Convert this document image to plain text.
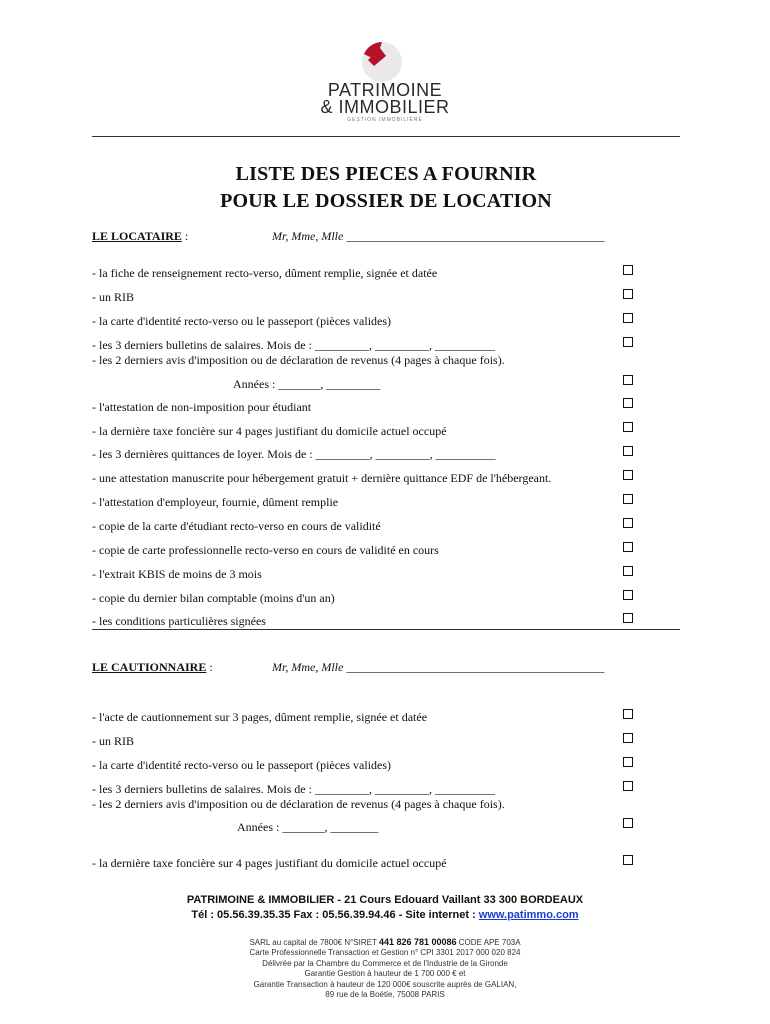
PATRIMOINE
& IMMOBILIER
GESTION IMMOBILIÈRE
LISTE DES PIECES A FOURNIR
POUR LE DOSSIER DE LOCATION
LE LOCATAIRE :	Mr, Mme, Mlle ___________________________________________
- la fiche de renseignement recto-verso, dûment remplie, signée et datée
- un RIB
- la carte d'identité recto-verso ou le passeport (pièces valides)
- les 3 derniers bulletins de salaires. Mois de : _________, _________, __________
- les 2 derniers avis d'imposition ou de déclaration de revenus (4 pages à chaque fois).
Années : _______, _________
- l'attestation de non-imposition pour étudiant
- la dernière taxe foncière sur 4 pages justifiant du domicile actuel occupé
- les 3 dernières quittances de loyer. Mois de : _________, _________, __________
- une attestation manuscrite pour hébergement gratuit + dernière quittance EDF de l'hébergeant.
- l'attestation d'employeur, fournie, dûment remplie
- copie de la carte d'étudiant recto-verso en cours de validité
- copie de carte professionnelle recto-verso en cours de validité en cours
- l'extrait KBIS de moins de 3 mois
- copie du dernier bilan comptable (moins d'un an)
- les conditions particulières signées
LE CAUTIONNAIRE :	Mr, Mme, Mlle ___________________________________________
- l'acte de cautionnement sur 3 pages, dûment remplie, signée et datée
- un RIB
- la carte d'identité recto-verso ou le passeport (pièces valides)
- les 3 derniers bulletins de salaires. Mois de : _________, _________, __________
- les 2 derniers avis d'imposition ou de déclaration de revenus (4 pages à chaque fois).
Années : _______, ________
- la dernière taxe foncière sur 4 pages justifiant du domicile actuel occupé
PATRIMOINE & IMMOBILIER - 21 Cours Edouard Vaillant 33 300 BORDEAUX
Tél : 05.56.39.35.35 Fax : 05.56.39.94.46 - Site internet : www.patimmo.com
SARL au capital de 7800€ N°SIRET 441 826 781 00086 CODE APE 703A
Carte Professionnelle Transaction et Gestion n° CPI 3301 2017 000 020 824
Délivrée par la Chambre du Commerce et de l'Industrie de la Gironde
Garantie Gestion à hauteur de 1 700 000 € et
Garantie Transaction à hauteur de 120 000€ souscrite auprès de GALIAN,
89 rue de la Boétie, 75008 PARIS
